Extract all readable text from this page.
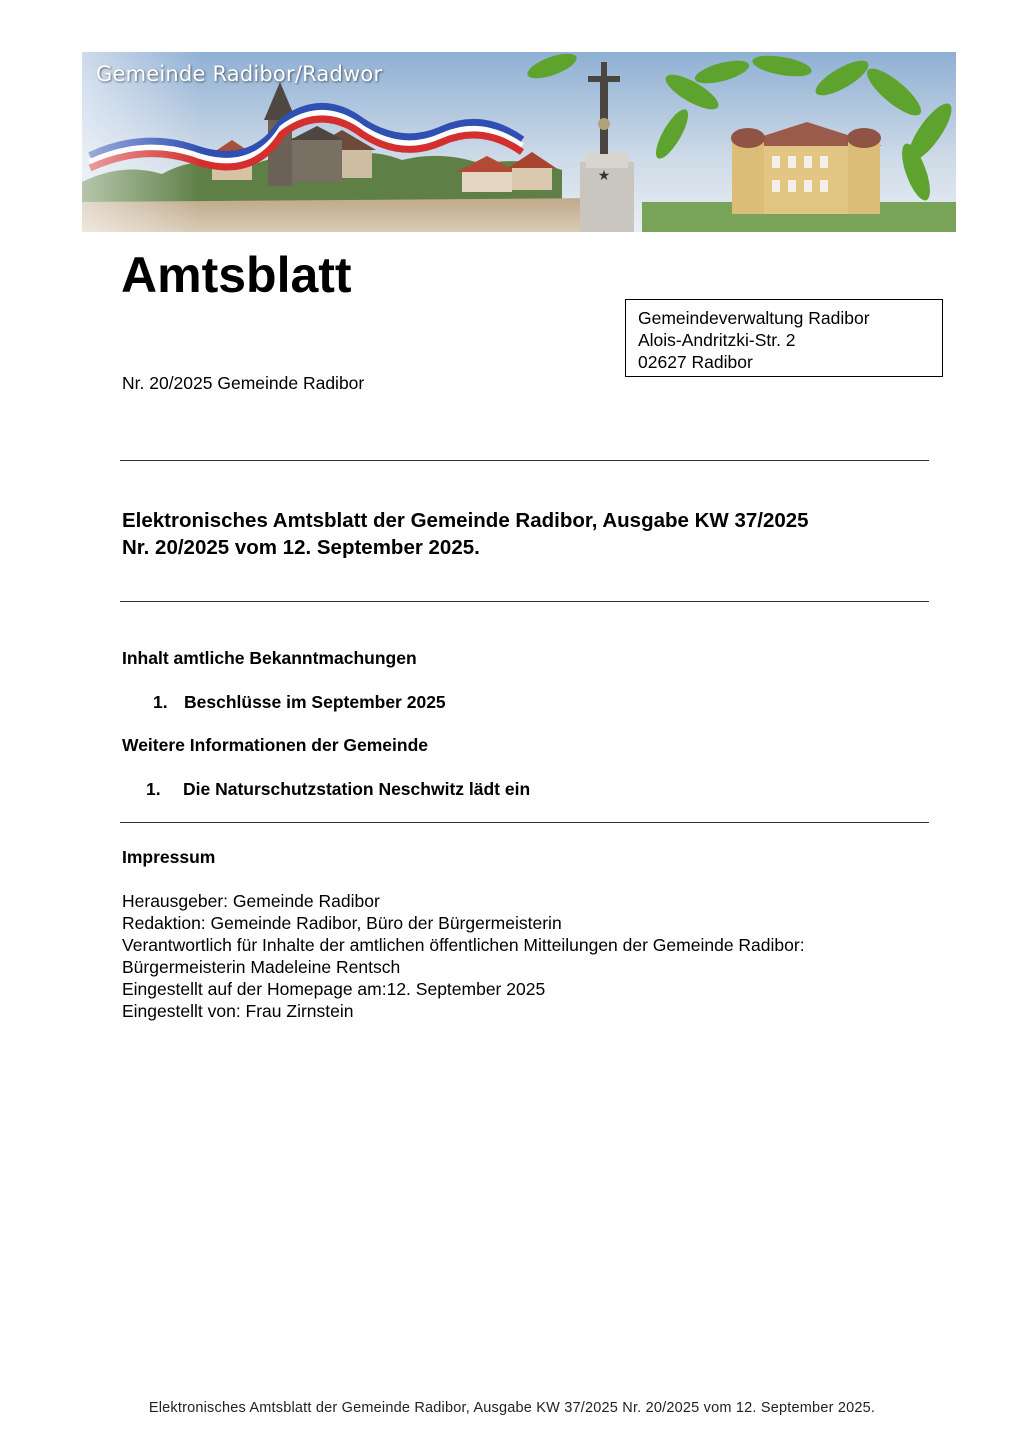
★
Gemeinde Radibor/Radwor
Amtsblatt
Gemeindeverwaltung Radibor
Alois-Andritzki-Str. 2
02627 Radibor
Nr. 20/2025 Gemeinde Radibor
Elektronisches Amtsblatt der Gemeinde Radibor, Ausgabe KW 37/2025
Nr. 20/2025 vom 12. September 2025.
Inhalt amtliche Bekanntmachungen
1. Beschlüsse im September 2025
Weitere Informationen der Gemeinde
1. Die Naturschutzstation Neschwitz lädt ein
Impressum
Herausgeber: Gemeinde Radibor
Redaktion: Gemeinde Radibor, Büro der Bürgermeisterin
Verantwortlich für Inhalte der amtlichen öffentlichen Mitteilungen der Gemeinde Radibor:
Bürgermeisterin Madeleine Rentsch
Eingestellt auf der Homepage am:12. September 2025
Eingestellt von: Frau Zirnstein
Elektronisches Amtsblatt der Gemeinde Radibor, Ausgabe KW 37/2025 Nr. 20/2025 vom 12. September 2025.
